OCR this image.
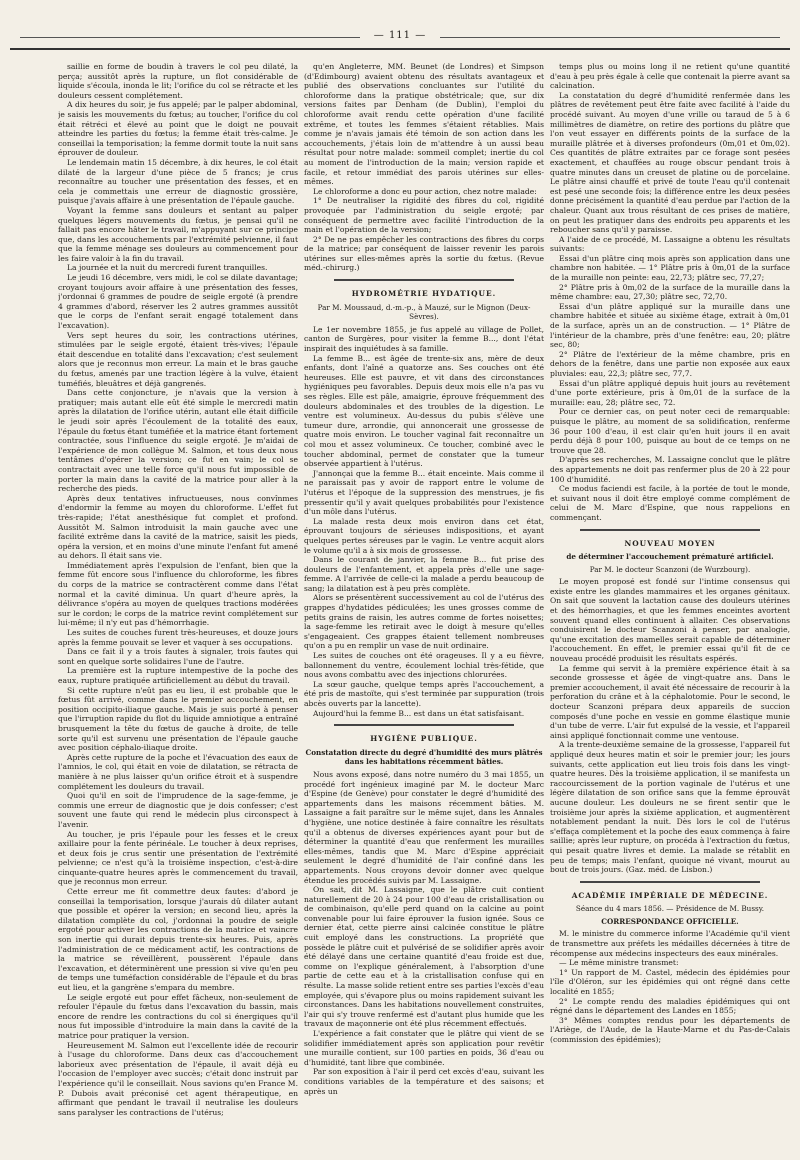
— 111 —

saillie en forme de boudin à travers le col peu dilaté, la perça; aussitôt après la rupture, un flot considérable de liquide s'écoula, inonda le lit; l'orifice du col se rétracte et les douleurs cessent complétement.

A dix heures du soir, je fus appelé; par le palper abdominal, je saisis les mouvements du fœtus; au toucher, l'orifice du col était rétréci et élevé au point que le doigt ne pouvait atteindre les parties du fœtus; la femme était très-calme. Je conseillai la temporisation; la femme dormit toute la nuit sans éprouver de douleur.

Le lendemain matin 15 décembre, à dix heures, le col était dilaté de la largeur d'une pièce de 5 francs; je crus reconnaître au toucher une présentation des fesses, et en cela je commettais une erreur de diagnostic grossière, puisque j'avais affaire à une présentation de l'épaule gauche.

Voyant la femme sans douleurs et sentant au palper quelques légers mouvements du fœtus, je pensai qu'il ne fallait pas encore hâter le travail, m'appuyant sur ce principe que, dans les accouchements par l'extrémité pelvienne, il faut que la femme ménage ses douleurs au commencement pour les faire valoir à la fin du travail.

La journée et la nuit du mercredi furent tranquilles.

Le jeudi 16 décembre, vers midi, le col se dilate davantage; croyant toujours avoir affaire à une présentation des fesses, j'ordonnai 6 grammes de poudre de seigle ergoté (à prendre 4 grammes d'abord, réserver les 2 autres grammes aussitôt que le corps de l'enfant serait engagé totalement dans l'excavation).

Vers sept heures du soir, les contractions utérines, stimulées par le seigle ergoté, étaient très-vives; l'épaule était descendue en totalité dans l'excavation; c'est seulement alors que je reconnus mon erreur. La main et le bras gauche du fœtus, amenés par une traction légère à la vulve, étaient tuméfiés, bleuâtres et déjà gangrenés.

Dans cette conjoncture, je n'avais que la version à pratiquer; mais autant elle eût été simple le mercredi matin après la dilatation de l'orifice utérin, autant elle était difficile le jeudi soir après l'écoulement de la totalité des eaux, l'épaule du fœtus étant tuméfiée et la matrice étant fortement contractée, sous l'influence du seigle ergoté. Je m'aidai de l'expérience de mon collègue M. Salmon, et tous deux nous tentâmes d'opérer la version; ce fut en vain; le col se contractait avec une telle force qu'il nous fut impossible de porter la main dans la cavité de la matrice pour aller à la recherche des pieds.

Après deux tentatives infructueuses, nous convînmes d'endormir la femme au moyen du chloroforme. L'effet fut très-rapide; l'état anesthésique fut complet et profond. Aussitôt M. Salmon introduisit la main gauche avec une facilité extrême dans la cavité de la matrice, saisit les pieds, opéra la version, et en moins d'une minute l'enfant fut amené au dehors. Il était sans vie.

Immédiatement après l'expulsion de l'enfant, bien que la femme fût encore sous l'influence du chloroforme, les fibres du corps de la matrice se contractèrent comme dans l'état normal et la cavité diminua. Un quart d'heure après, la délivrance s'opéra au moyen de quelques tractions modérées sur le cordon; le corps de la matrice revint complétement sur lui-même; il n'y eut pas d'hémorrhagie.

Les suites de couches furent très-heureuses, et douze jours après la femme pouvait se lever et vaquer à ses occupations.

Dans ce fait il y a trois fautes à signaler, trois fautes qui sont en quelque sorte solidaires l'une de l'autre.

La première est la rupture intempestive de la poche des eaux, rupture pratiquée artificiellement au début du travail.

Si cette rupture n'eût pas eu lieu, il est probable que le fœtus fût arrivé, comme dans le premier accouchement, en position occipito-iliaque gauche. Mais je suis porté à penser que l'irruption rapide du flot du liquide amniotique a entraîné brusquement la tête du fœtus de gauche à droite, de telle sorte qu'il est survenu une présentation de l'épaule gauche avec position céphalo-iliaque droite.

Après cette rupture de la poche et l'évacuation des eaux de l'amnios, le col, qui était en voie de dilatation, se rétracta de manière à ne plus laisser qu'un orifice étroit et à suspendre complétement les douleurs du travail.

Quoi qu'il en soit de l'imprudence de la sage-femme, je commis une erreur de diagnostic que je dois confesser; c'est souvent une faute qui rend le médecin plus circonspect à l'avenir.

Au toucher, je pris l'épaule pour les fesses et le creux axillaire pour la fente périnéale. Le toucher à deux reprises, et deux fois je crus sentir une présentation de l'extrémité pelvienne; ce n'est qu'à la troisième inspection, c'est-à-dire cinquante-quatre heures après le commencement du travail, que je reconnus mon erreur.

Cette erreur me fit commettre deux fautes: d'abord je conseillai la temporisation, lorsque j'aurais dû dilater autant que possible et opérer la version; en second lieu, après la dilatation complète du col, j'ordonnai la poudre de seigle ergoté pour activer les contractions de la matrice et vaincre son inertie qui durait depuis trente-six heures. Puis, après l'administration de ce médicament actif, les contractions de la matrice se réveillèrent, poussèrent l'épaule dans l'excavation, et déterminèrent une pression si vive qu'en peu de temps une tuméfaction considérable de l'épaule et du bras eut lieu, et la gangrène s'empara du membre.

Le seigle ergoté eut pour effet fâcheux, non-seulement de refouler l'épaule du fœtus dans l'excavation du bassin, mais encore de rendre les contractions du col si énergiques qu'il nous fut impossible d'introduire la main dans la cavité de la matrice pour pratiquer la version.

Heureusement M. Salmon eut l'excellente idée de recourir à l'usage du chloroforme. Dans deux cas d'accouchement laborieux avec présentation de l'épaule, il avait déjà eu l'occasion de l'employer avec succès; c'était donc instruit par l'expérience qu'il le conseillait. Nous savions qu'en France M. P. Dubois avait préconisé cet agent thérapeutique, en affirmant que pendant le travail il neutralise les douleurs sans paralyser les contractions de l'utérus;

qu'en Angleterre, MM. Beunet (de Londres) et Simpson (d'Edimbourg) avaient obtenu des résultats avantageux et publié des observations concluantes sur l'utilité du chloroforme dans la pratique obstétricale; que, sur dix versions faites par Denham (de Dublin), l'emploi du chloroforme avait rendu cette opération d'une facilité extrême, et toutes les femmes s'étaient rétablies. Mais comme je n'avais jamais été témoin de son action dans les accouchements, j'étais loin de m'attendre à un aussi beau résultat pour notre malade: sommeil complet; inertie du col au moment de l'introduction de la main; version rapide et facile, et retour immédiat des parois utérines sur elles-mêmes.

Le chloroforme a donc eu pour action, chez notre malade:

1° De neutraliser la rigidité des fibres du col, rigidité provoquée par l'administration du seigle ergoté; par conséquent de permettre avec facilité l'introduction de la main et l'opération de la version;

2° De ne pas empêcher les contractions des fibres du corps de la matrice; par conséquent de laisser revenir les parois utérines sur elles-mêmes après la sortie du fœtus. (Revue méd.-chirurg.)

HYDROMÉTRIE HYDATIQUE.
Par M. Moussaud, d.-m.-p., à Mauzé, sur le Mignon (Deux-Sèvres).

Le 1er novembre 1855, je fus appelé au village de Pollet, canton de Surgères, pour visiter la femme B..., dont l'état inspirait des inquiétudes à sa famille.

La femme B... est âgée de trente-six ans, mère de deux enfants, dont l'aîné a quatorze ans. Ses couches ont été heureuses. Elle est pauvre, et vit dans des circonstances hygiéniques peu favorables. Depuis deux mois elle n'a pas vu ses règles. Elle est pâle, amaigrie, éprouve fréquemment des douleurs abdominales et des troubles de la digestion. Le ventre est volumineux. Au-dessus du pubis s'élève une tumeur dure, arrondie, qui annoncerait une grossesse de quatre mois environ. Le toucher vaginal fait reconnaître un col mou et assez volumineux. Ce toucher, combiné avec le toucher abdominal, permet de constater que la tumeur observée appartient à l'utérus.

J'annonçai que la femme B... était enceinte. Mais comme il ne paraissait pas y avoir de rapport entre le volume de l'utérus et l'époque de la suppression des menstrues, je fis pressentir qu'il y avait quelques probabilités pour l'existence d'un môle dans l'utérus.

La malade resta deux mois environ dans cet état, éprouvant toujours de sérieuses indispositions, et ayant quelques pertes séreuses par le vagin. Le ventre acquit alors le volume qu'il a à six mois de grossesse.

Dans le courant de janvier, la femme B... fut prise des douleurs de l'enfantement, et appela près d'elle une sage-femme. A l'arrivée de celle-ci la malade a perdu beaucoup de sang; la dilatation est à peu près complète.

Alors se présentèrent successivement au col de l'utérus des grappes d'hydatides pédiculées; les unes grosses comme de petits grains de raisin, les autres comme de fortes noisettes; la sage-femme les retirait avec le doigt à mesure qu'elles s'engageaient. Ces grappes étaient tellement nombreuses qu'on a pu en remplir un vase de nuit ordinaire.

Les suites de couches ont été orageuses. Il y a eu fièvre, ballonnement du ventre, écoulement lochial très-fétide, que nous avons combattu avec des injections chlorurées.

La sœur gauche, quelque temps après l'accouchement, a été pris de mastoïte, qui s'est terminée par suppuration (trois abcès ouverts par la lancette).

Aujourd'hui la femme B... est dans un état satisfaisant.

HYGIÈNE PUBLIQUE.
Constatation directe du degré d'humidité des murs plâtrés dans les habitations récemment bâties.

Nous avons exposé, dans notre numéro du 3 mai 1855, un procédé fort ingénieux imaginé par M. le docteur Marc d'Espine (de Genève) pour constater le degré d'humidité des appartements dans les maisons récemment bâties. M. Lassaigne a fait paraître sur le même sujet, dans les Annales d'hygiène, une notice destinée à faire connaître les résultats qu'il a obtenus de diverses expériences ayant pour but de déterminer la quantité d'eau que renferment les murailles elles-mêmes, tandis que M. Marc d'Espine appréciait seulement le degré d'humidité de l'air confiné dans les appartements. Nous croyons devoir donner avec quelque étendue les procédés suivis par M. Lassaigne.

On sait, dit M. Lassaigne, que le plâtre cuit contient naturellement de 20 à 24 pour 100 d'eau de cristallisation ou de combinaison, qu'elle perd quand on la calcine au point convenable pour lui faire éprouver la fusion ignée. Sous ce dernier état, cette pierre ainsi calcinée constitue le plâtre cuit employé dans les constructions. La propriété que possède le plâtre cuit et pulvérisé de se solidifier après avoir été délayé dans une certaine quantité d'eau froide est due, comme on l'explique généralement, à l'absorption d'une partie de cette eau et à la cristallisation confuse qui en résulte. La masse solide retient entre ses parties l'excès d'eau employée, qui s'évapore plus ou moins rapidement suivant les circonstances. Dans les habitations nouvellement construites, l'air qui s'y trouve renfermé est d'autant plus humide que les travaux de maçonnerie ont été plus récemment effectués.

L'expérience a fait constater que le plâtre qui vient de se solidifier immédiatement après son application pour revêtir une muraille contient, sur 100 parties en poids, 36 d'eau ou d'humidité, tant libre que combinée.

Par son exposition à l'air il perd cet excès d'eau, suivant les conditions variables de la température et des saisons; et après un

temps plus ou moins long il ne retient qu'une quantité d'eau à peu près égale à celle que contenait la pierre avant sa calcination.

La constatation du degré d'humidité renfermée dans les plâtres de revêtement peut être faite avec facilité à l'aide du procédé suivant. Au moyen d'une vrille ou taraud de 5 à 6 millimètres de diamètre, on retire des portions du plâtre que l'on veut essayer en différents points de la surface de la muraille plâtrée et à diverses profondeurs (0m,01 et 0m,02). Ces quantités de plâtre extraites par ce forage sont pesées exactement, et chauffées au rouge obscur pendant trois à quatre minutes dans un creuset de platine ou de porcelaine. Le plâtre ainsi chauffé et privé de toute l'eau qu'il contenait est pesé une seconde fois; la différence entre les deux pesées donne précisément la quantité d'eau perdue par l'action de la chaleur. Quant aux trous résultant de ces prises de matière, on peut les pratiquer dans des endroits peu apparents et les reboucher sans qu'il y paraisse.

A l'aide de ce procédé, M. Lassaigne a obtenu les résultats suivants:

Essai d'un plâtre cinq mois après son application dans une chambre non habitée. — 1° Plâtre pris à 0m,01 de la surface de la muraille non peinte: eau, 22,73; plâtre sec, 77,27;

2° Plâtre pris à 0m,02 de la surface de la muraille dans la même chambre: eau, 27,30; plâtre sec, 72,70.

Essai d'un plâtre appliqué sur la muraille dans une chambre habitée et située au sixième étage, extrait à 0m,01 de la surface, après un an de construction. — 1° Plâtre de l'intérieur de la chambre, près d'une fenêtre: eau, 20; plâtre sec, 80;

2° Plâtre de l'extérieur de la même chambre, pris en dehors de la fenêtre, dans une partie non exposée aux eaux pluviales: eau, 22,3; plâtre sec, 77,7.

Essai d'un plâtre appliqué depuis huit jours au revêtement d'une porte extérieure, pris à 0m,01 de la surface de la muraille: eau, 28; plâtre sec, 72.

Pour ce dernier cas, on peut noter ceci de remarquable: puisque le plâtre, au moment de sa solidification, renferme 36 pour 100 d'eau, il est clair qu'en huit jours il en avait perdu déjà 8 pour 100, puisque au bout de ce temps on ne trouve que 28.

D'après ses recherches, M. Lassaigne conclut que le plâtre des appartements ne doit pas renfermer plus de 20 à 22 pour 100 d'humidité.

Ce modus faciendi est facile, à la portée de tout le monde, et suivant nous il doit être employé comme complément de celui de M. Marc d'Espine, que nous rappelions en commençant.

NOUVEAU MOYEN
de déterminer l'accouchement prématuré artificiel.
Par M. le docteur Scanzoni (de Wurzbourg).

Le moyen proposé est fondé sur l'intime consensus qui existe entre les glandes mammaires et les organes génitaux. On sait que souvent la lactation cause des douleurs utérines et des hémorrhagies, et que les femmes enceintes avortent souvent quand elles continuent à allaiter. Ces observations conduisirent le docteur Scanzoni à penser, par analogie, qu'une excitation des mamelles serait capable de déterminer l'accouchement. En effet, le premier essai qu'il fit de ce nouveau procédé produisit les résultats espérés.

La femme qui servit à la première expérience était à sa seconde grossesse et âgée de vingt-quatre ans. Dans le premier accouchement, il avait été nécessaire de recourir à la perforation du crâne et à la céphalotomie. Pour le second, le docteur Scanzoni prépara deux appareils de succion composés d'une poche en vessie en gomme élastique munie d'un tube de verre. L'air fut expulsé de la vessie, et l'appareil ainsi appliqué fonctionnait comme une ventouse.

A la trente-deuxième semaine de la grossesse, l'appareil fut appliqué deux heures matin et soir le premier jour; les jours suivants, cette application eut lieu trois fois dans les vingt-quatre heures. Dès la troisième application, il se manifesta un raccourcissement de la portion vaginale de l'utérus et une légère dilatation de son orifice sans que la femme éprouvât aucune douleur. Les douleurs ne se firent sentir que le troisième jour après la sixième application, et augmentèrent notablement pendant la nuit. Dès lors le col de l'utérus s'effaça complètement et la poche des eaux commença à faire saillie; après leur rupture, on procéda à l'extraction du fœtus, qui pesait quatre livres et demie. La malade se rétablit en peu de temps; mais l'enfant, quoique né vivant, mourut au bout de trois jours. (Gaz. méd. de Lisbon.)

ACADÉMIE IMPÉRIALE DE MÉDECINE.
Séance du 4 mars 1856. — Présidence de M. Bussy.
CORRESPONDANCE OFFICIELLE.

M. le ministre du commerce informe l'Académie qu'il vient de transmettre aux préfets les médailles décernées à titre de récompense aux médecins inspecteurs des eaux minérales.

— Le même ministre transmet:

1° Un rapport de M. Castel, médecin des épidémies pour l'île d'Oléron, sur les épidémies qui ont régné dans cette localité en 1855;

2° Le compte rendu des maladies épidémiques qui ont régné dans le département des Landes en 1855;

3° Mêmes comptes rendus pour les départements de l'Ariège, de l'Aude, de la Haute-Marne et du Pas-de-Calais (commission des épidémies);
